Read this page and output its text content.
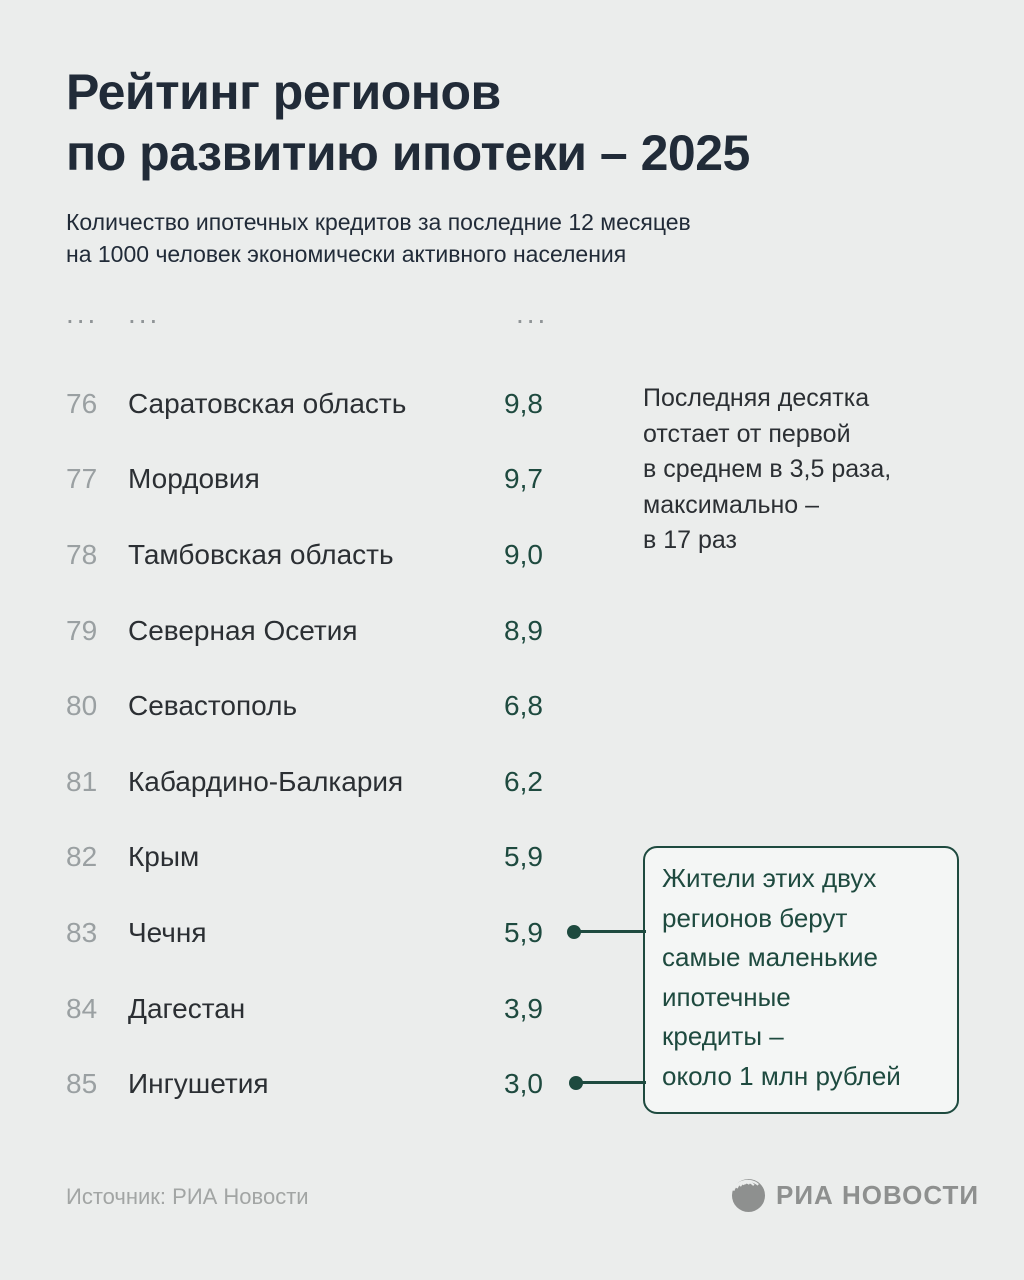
Рейтинг регионов
по развитию ипотеки – 2025

Количество ипотечных кредитов за последние 12 месяцев
на 1000 человек экономически активного населения

... ...	...
76 Саратовская область	9,8
77 Мордовия	9,7
78 Тамбовская область	9,0
79 Северная Осетия	8,9
80 Севастополь	6,8
81 Кабардино-Балкария	6,2
82 Крым	5,9
83 Чечня	5,9
84 Дагестан	3,9
85 Ингушетия	3,0
Последняя десятка
отстает от первой
в среднем в 3,5 раза,
максимально –
в 17 раз
Жители этих двух
регионов берут
самые маленькие
ипотечные
кредиты –
около 1 млн рублей
Источник: РИА Новости	РИА НОВОСТИ
